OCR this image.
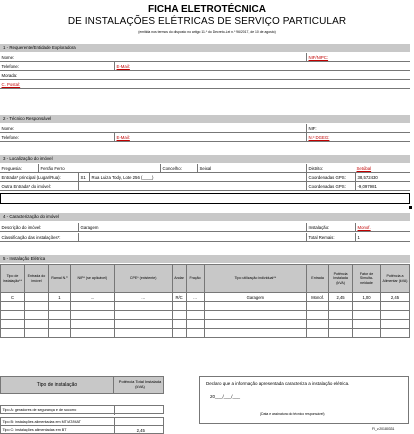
FICHA ELETROTÉCNICA
DE INSTALAÇÕES ELÉTRICAS DE SERVIÇO PARTICULAR
(emitida nos termos do disposto no artigo 11.º do Decreto-Lei n.º 96/2017, de 10 de agosto)
1 - Requerente/Entidade Exploradora
Nome:	NIF/NIPC:
Telefone:	E-Mail:
Morada:
C. Postal:
2 - Técnico Responsável
Nome:	NIF:
Telefone:	E-Mail:	N.º DGEG:
3 - Localização do imóvel
Freguesia:	Ferrão Ferro	Concelho:	Seixal	Distrito:	Setúbal
Entrada* principal (Lugar/Rua):	S1	Rua Luiza Tody, Lote 256 (____)	Coordenadas GPS:	38,572430
Outra Entrada* do imóvel:	Coordenadas GPS:	-9,097981
4 - Caracterização do imóvel
Descrição do imóvel:	Garagem	Instalação:	Monof.
Classificação das instalações*:	Total Remais:	1
5 - Instalação Elétrica
Tipo de instalação**	Entrada do imóvel	Ramal N.º	NIP* (se aplicável)	CPE* (existente)	Andar	Fração	Tipo utilização individual**	Entrada	Potência Instalada (kVA)	Fator de Simulta-neidade	Potência a Alimentar (kVA)
C		1	...	...	R/C	...	Garagem	Monof.	2,45	1,00	2,45

Tipo de instalação
Potência Total Instalada (kVA)
Tipo A: geradores de segurança e de socorro
Tipo B: instalações alimentadas em MT/AT/MAT
Tipo C: instalações alimentadas em BT	2,45
Declaro que a informação apresentada caracteriza a instalação elétrica.
20___/___/___
(Data e assinatura do técnico responsável)
FI_v.20180331
